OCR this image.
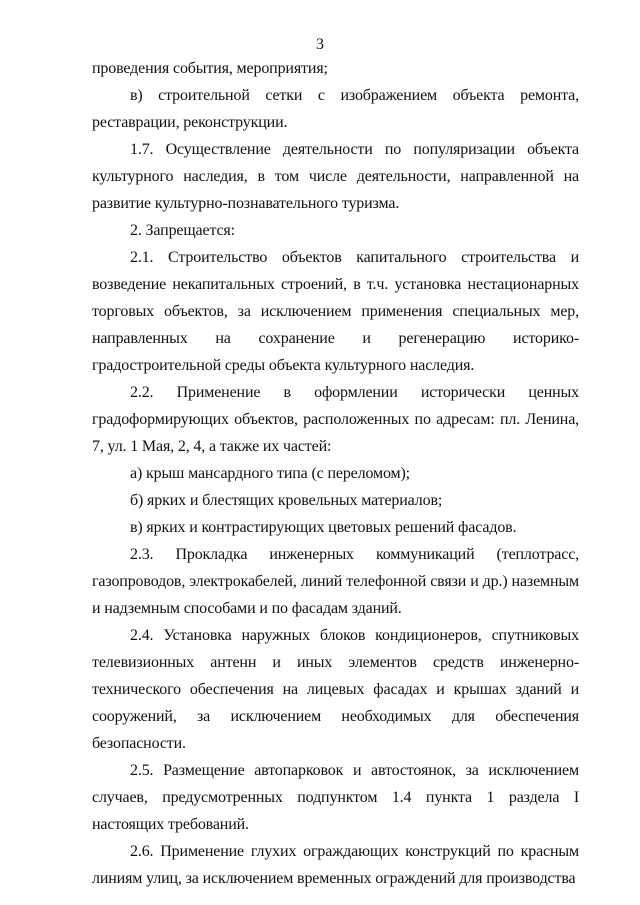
3

проведения события, мероприятия;

в) строительной сетки с изображением объекта ремонта, реставрации, реконструкции.

1.7. Осуществление деятельности по популяризации объекта культурного наследия, в том числе деятельности, направленной на развитие культурно-познавательного туризма.

2. Запрещается:

2.1. Строительство объектов капитального строительства и возведение некапитальных строений, в т.ч. установка нестационарных торговых объектов, за исключением применения специальных мер, направленных на сохранение и регенерацию историко-градостроительной среды объекта культурного наследия.

2.2. Применение в оформлении исторически ценных градоформирующих объектов, расположенных по адресам: пл. Ленина, 7, ул. 1 Мая, 2, 4, а также их частей:

а) крыш мансардного типа (с переломом);

б) ярких и блестящих кровельных материалов;

в) ярких и контрастирующих цветовых решений фасадов.

2.3. Прокладка инженерных коммуникаций (теплотрасс, газопроводов, электрокабелей, линий телефонной связи и др.) наземным и надземным способами и по фасадам зданий.

2.4. Установка наружных блоков кондиционеров, спутниковых телевизионных антенн и иных элементов средств инженерно-технического обеспечения на лицевых фасадах и крышах зданий и сооружений, за исключением необходимых для обеспечения безопасности.

2.5. Размещение автопарковок и автостоянок, за исключением случаев, предусмотренных подпунктом 1.4 пункта 1 раздела I настоящих требований.

2.6. Применение глухих ограждающих конструкций по красным линиям улиц, за исключением временных ограждений для производства
